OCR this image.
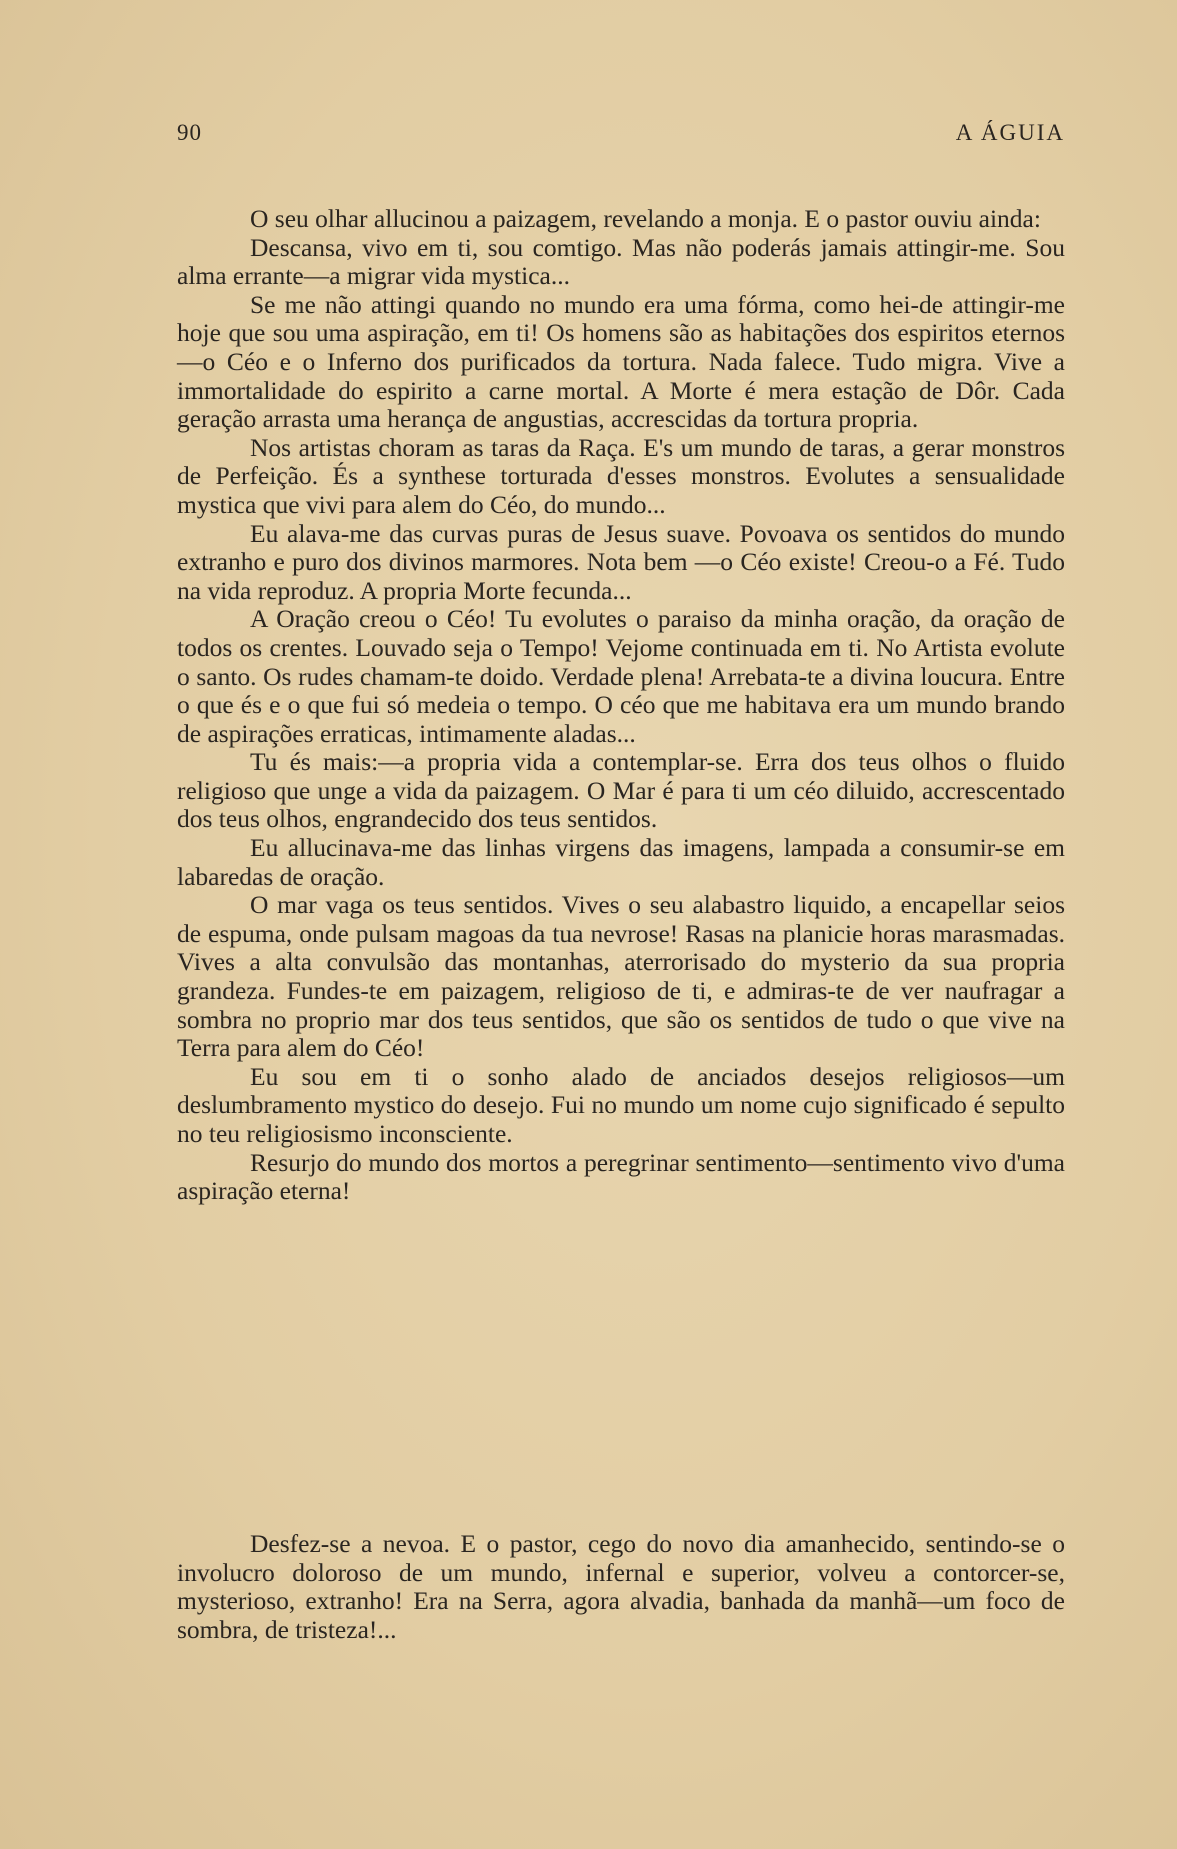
90	A ÁGUIA

O seu olhar allucinou a paizagem, revelando a monja. E o pastor ouviu ainda:

Descansa, vivo em ti, sou comtigo. Mas não poderás jamais attingir-me. Sou alma errante—a migrar vida mystica...

Se me não attingi quando no mundo era uma fórma, como hei-de attingir-me hoje que sou uma aspiração, em ti! Os homens são as habitações dos espiritos eternos—o Céo e o Inferno dos purificados da tortura. Nada falece. Tudo migra. Vive a immortalidade do espirito a carne mortal. A Morte é mera estação de Dôr. Cada geração arrasta uma herança de angustias, accrescidas da tortura propria.

Nos artistas choram as taras da Raça. E's um mundo de taras, a gerar monstros de Perfeição. És a synthese torturada d'esses monstros. Evolutes a sensualidade mystica que vivi para alem do Céo, do mundo...

Eu alava-me das curvas puras de Jesus suave. Povoava os sentidos do mundo extranho e puro dos divinos marmores. Nota bem —o Céo existe! Creou-o a Fé. Tudo na vida reproduz. A propria Morte fecunda...

A Oração creou o Céo! Tu evolutes o paraiso da minha oração, da oração de todos os crentes. Louvado seja o Tempo! Vejome continuada em ti. No Artista evolute o santo. Os rudes chamam-te doido. Verdade plena! Arrebata-te a divina loucura. Entre o que és e o que fui só medeia o tempo. O céo que me habitava era um mundo brando de aspirações erraticas, intimamente aladas...

Tu és mais:—a propria vida a contemplar-se. Erra dos teus olhos o fluido religioso que unge a vida da paizagem. O Mar é para ti um céo diluido, accrescentado dos teus olhos, engrandecido dos teus sentidos.

Eu allucinava-me das linhas virgens das imagens, lampada a consumir-se em labaredas de oração.

O mar vaga os teus sentidos. Vives o seu alabastro liquido, a encapellar seios de espuma, onde pulsam magoas da tua nevrose! Rasas na planicie horas marasmadas. Vives a alta convulsão das montanhas, aterrorisado do mysterio da sua propria grandeza. Fundes-te em paizagem, religioso de ti, e admiras-te de ver naufragar a sombra no proprio mar dos teus sentidos, que são os sentidos de tudo o que vive na Terra para alem do Céo!

Eu sou em ti o sonho alado de anciados desejos religiosos—um deslumbramento mystico do desejo. Fui no mundo um nome cujo significado é sepulto no teu religiosismo inconsciente.

Resurjo do mundo dos mortos a peregrinar sentimento—sentimento vivo d'uma aspiração eterna!

Desfez-se a nevoa. E o pastor, cego do novo dia amanhecido, sentindo-se o involucro doloroso de um mundo, infernal e superior, volveu a contorcer-se, mysterioso, extranho! Era na Serra, agora alvadia, banhada da manhã—um foco de sombra, de tristeza!...
